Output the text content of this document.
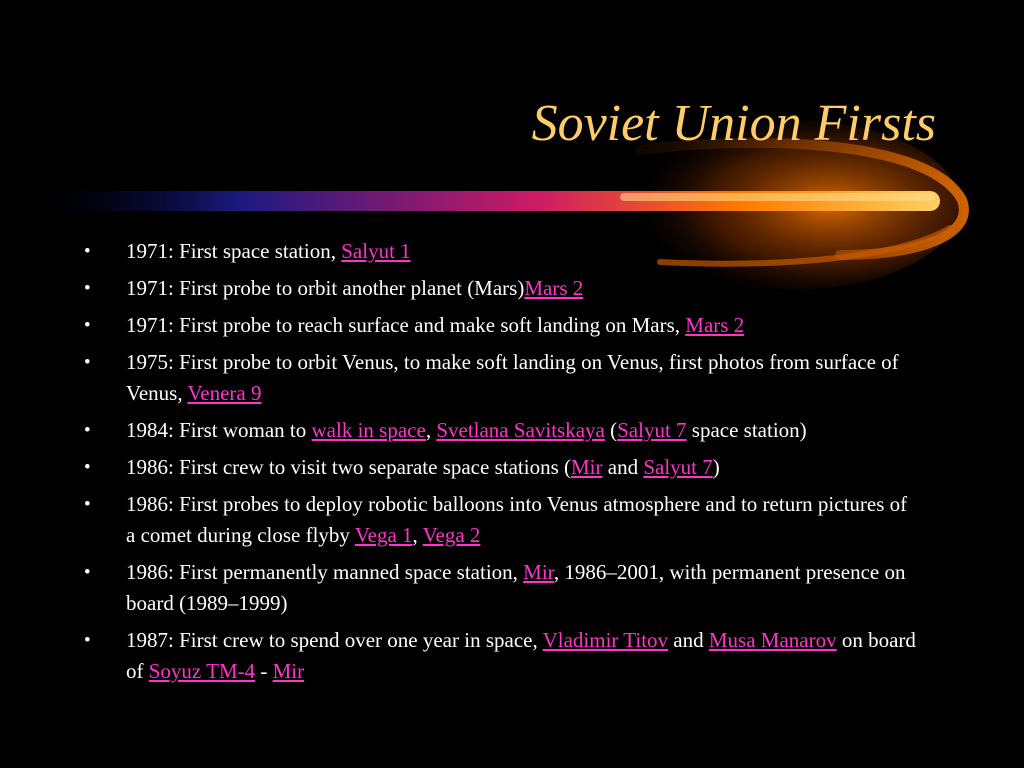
Soviet Union Firsts
•	1971: First space station, Salyut 1
•	1971: First probe to orbit another planet (Mars)Mars 2
•	1971: First probe to reach surface and make soft landing on Mars, Mars 2
•	1975: First probe to orbit Venus, to make soft landing on Venus, first photos from surface of Venus, Venera 9
•	1984: First woman to walk in space, Svetlana Savitskaya (Salyut 7 space station)
•	1986: First crew to visit two separate space stations (Mir and Salyut 7)
•	1986: First probes to deploy robotic balloons into Venus atmosphere and to return pictures of a comet during close flyby Vega 1, Vega 2
•	1986: First permanently manned space station, Mir, 1986–2001, with permanent presence on board (1989–1999)
•	1987: First crew to spend over one year in space, Vladimir Titov and Musa Manarov on board of Soyuz TM-4 - Mir
